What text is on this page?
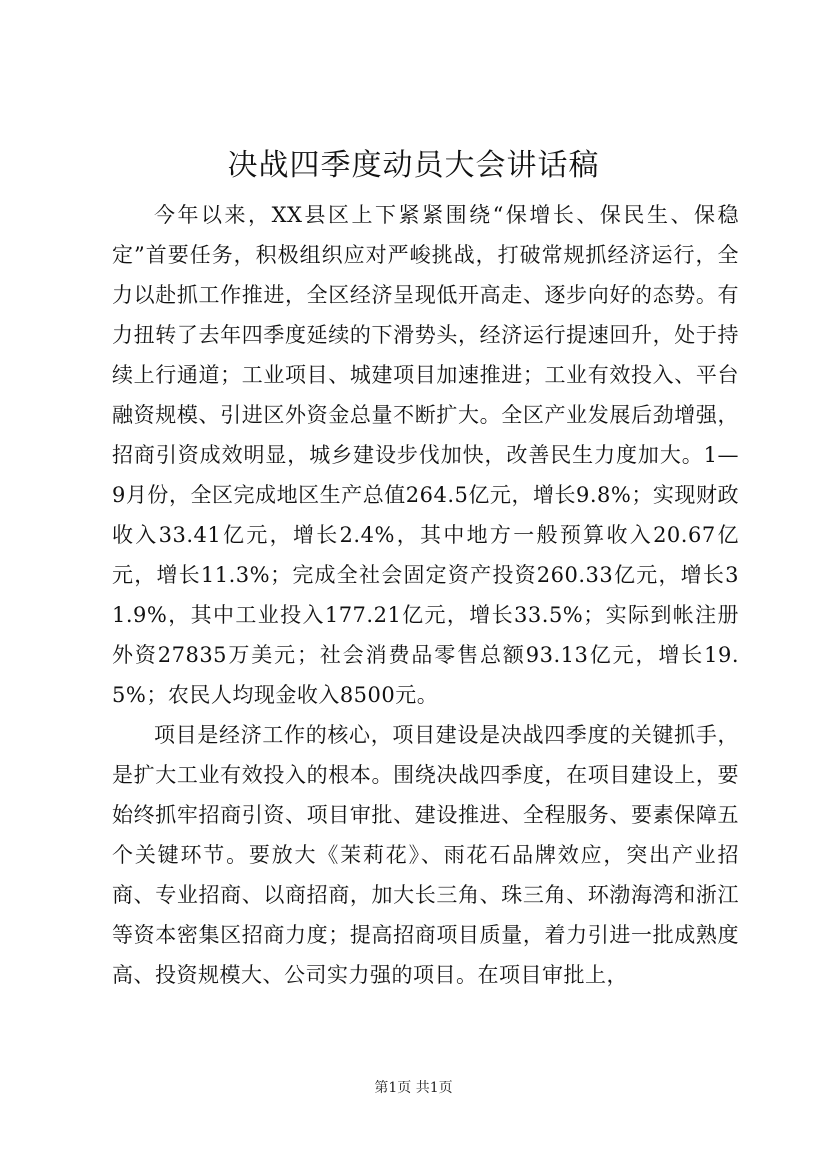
决战四季度动员大会讲话稿

今年以来，XX县区上下紧紧围绕“保增长、保民生、保稳定”首要任务，积极组织应对严峻挑战，打破常规抓经济运行，全力以赴抓工作推进，全区经济呈现低开高走、逐步向好的态势。有力扭转了去年四季度延续的下滑势头，经济运行提速回升，处于持续上行通道；工业项目、城建项目加速推进；工业有效投入、平台融资规模、引进区外资金总量不断扩大。全区产业发展后劲增强，招商引资成效明显，城乡建设步伐加快，改善民生力度加大。1—9月份，全区完成地区生产总值264.5亿元，增长9.8%；实现财政收入33.41亿元，增长2.4%，其中地方一般预算收入20.67亿元，增长11.3%；完成全社会固定资产投资260.33亿元，增长31.9%，其中工业投入177.21亿元，增长33.5%；实际到帐注册外资27835万美元；社会消费品零售总额93.13亿元，增长19.5%；农民人均现金收入8500元。

项目是经济工作的核心，项目建设是决战四季度的关键抓手，是扩大工业有效投入的根本。围绕决战四季度，在项目建设上，要始终抓牢招商引资、项目审批、建设推进、全程服务、要素保障五个关键环节。要放大《茉莉花》、雨花石品牌效应，突出产业招商、专业招商、以商招商，加大长三角、珠三角、环渤海湾和浙江等资本密集区招商力度；提高招商项目质量，着力引进一批成熟度高、投资规模大、公司实力强的项目。在项目审批上，

第1页 共1页
